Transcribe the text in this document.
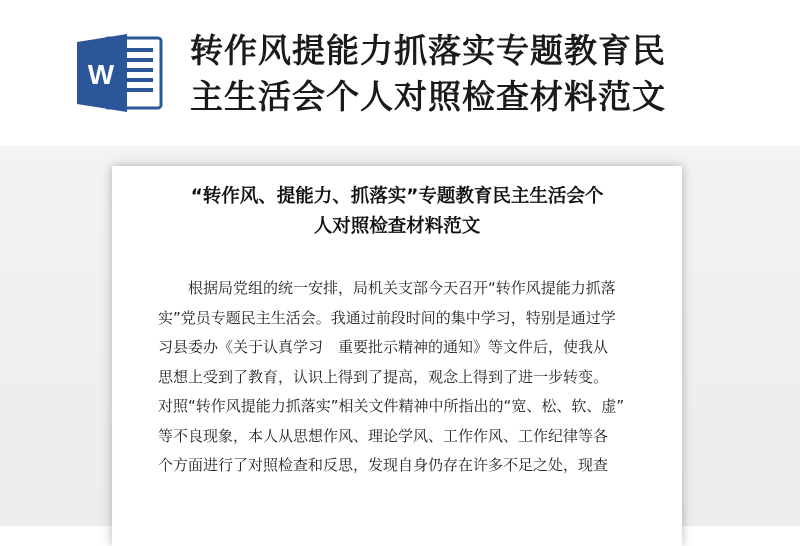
W
转作风提能力抓落实专题教育民
主生活会个人对照检查材料范文
“转作风、提能力、抓落实”专题教育民主生活会个
人对照检查材料范文
根据局党组的统一安排，局机关支部今天召开“转作风提能力抓落
实”党员专题民主生活会。我通过前段时间的集中学习，特别是通过学
习县委办《关于认真学习　重要批示精神的通知》等文件后，使我从
思想上受到了教育，认识上得到了提高，观念上得到了进一步转变。
对照“转作风提能力抓落实”相关文件精神中所指出的“宽、松、软、虚”
等不良现象，本人从思想作风、理论学风、工作作风、工作纪律等各
个方面进行了对照检查和反思，发现自身仍存在许多不足之处，现查
